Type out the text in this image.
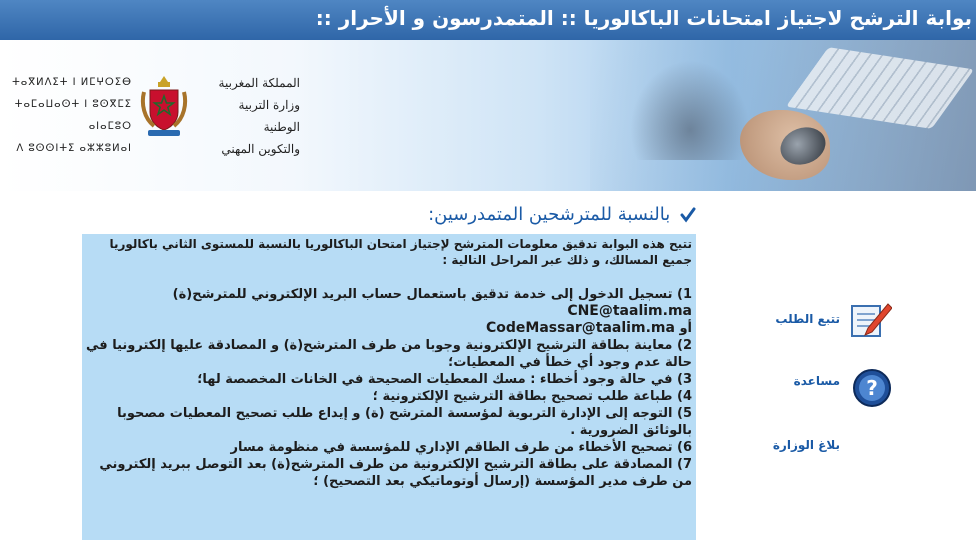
بوابة الترشح لاجتياز امتحانات الباكالوريا :: المتمدرسون و الأحرار ::
المملكة المغربية
وزارة التربية الوطنية
والتكوين المهني
ⵜⴰⴳⵍⴷⵉⵜ ⵏ ⵍⵎⵖⵔⵉⴱ
ⵜⴰⵎⴰⵡⴰⵙⵜ ⵏ ⵓⵙⴳⵎⵉ ⴰⵏⴰⵎⵓⵔ
ⴷ ⵓⵙⵙⵏⵜⵉ ⴰⵣⵣⵓⵍⴰⵏ
بالنسبة للمترشحين المتمدرسين:

تتيح هذه البوابة تدقيق معلومات المترشح لإجتياز امتحان الباكالوريا بالنسبة للمستوى الثاني باكالوريا جميع المسالك، و ذلك عبر المراحل التالية :

1) تسجيل الدخول إلى خدمة تدقيق باستعمال حساب البريد الإلكتروني للمترشح(ة) CNE@taalim.ma
أو CodeMassar@taalim.ma

2) معاينة بطاقة الترشيح الإلكترونية وجوبا من طرف المترشح(ة) و المصادقة عليها إلكترونيا في حالة عدم وجود أي خطأ في المعطيات؛

3) في حالة وجود أخطاء : مسك المعطيات الصحيحة في الخانات المخصصة لها؛

4) طباعة طلب تصحيح بطاقة الترشيح الإلكترونية ؛

5) التوجه إلى الإدارة التربوية لمؤسسة المترشح (ة) و إيداع طلب تصحيح المعطيات مصحوبا بالوثائق الضرورية .

6) تصحيح الأخطاء من طرف الطاقم الإداري للمؤسسة في منظومة مسار

7) المصادقة على بطاقة الترشيح الإلكترونية من طرف المترشح(ة) بعد التوصل ببريد إلكتروني من طرف مدير المؤسسة (إرسال أوتوماتيكي بعد التصحيح) ؛

تتبع الطلب
?
مساعدة
بلاغ الوزارة
